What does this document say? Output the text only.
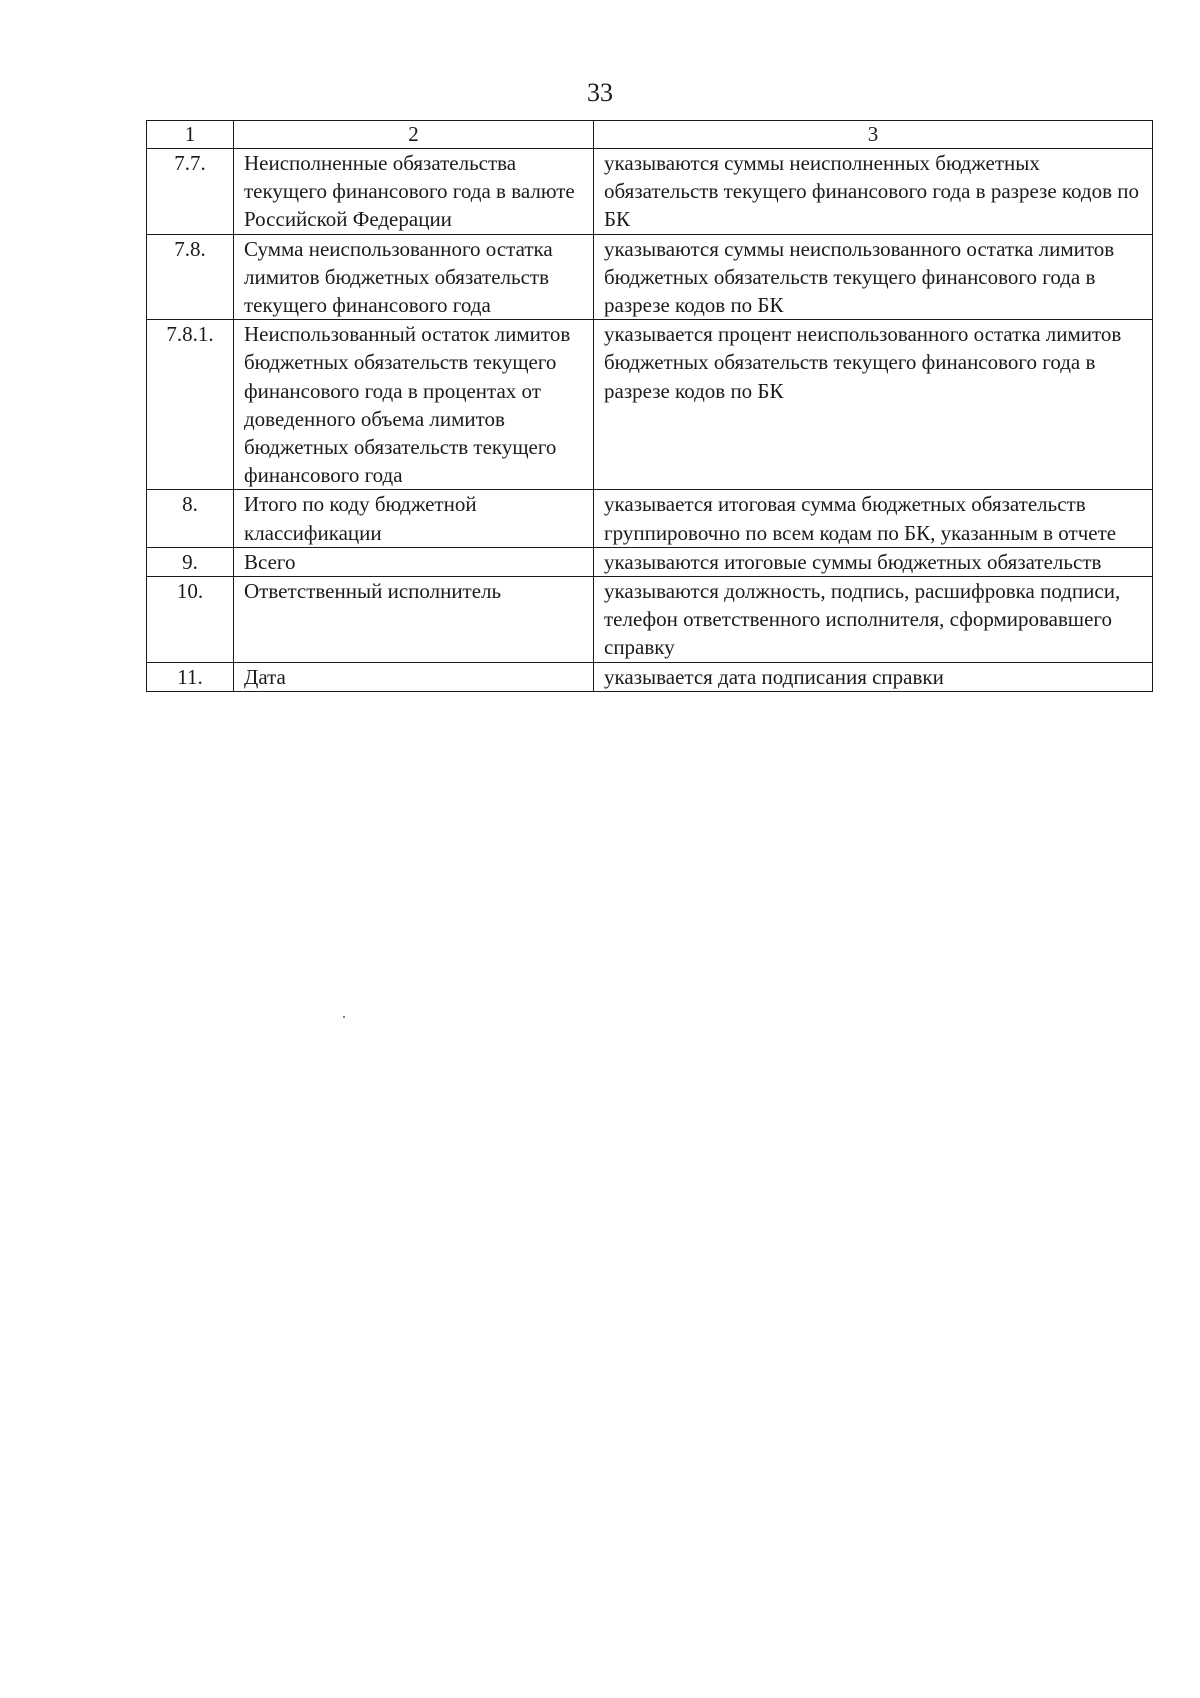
33
1	2	3
7.7.	Неисполненные обязательства текущего финансового года в валюте Российской Федерации	указываются суммы неисполненных бюджетных обязательств текущего финансового года в разрезе кодов по БК
7.8.	Сумма неиспользованного остатка лимитов бюджетных обязательств текущего финансового года	указываются суммы неиспользованного остатка лимитов бюджетных обязательств текущего финансового года в разрезе кодов по БК
7.8.1.	Неиспользованный остаток лимитов бюджетных обязательств текущего финансового года в процентах от доведенного объема лимитов бюджетных обязательств текущего финансового года	указывается процент неиспользованного остатка лимитов бюджетных обязательств текущего финансового года в разрезе кодов по БК
8.	Итого по коду бюджетной классификации	указывается итоговая сумма бюджетных обязательств группировочно по всем кодам по БК, указанным в отчете
9.	Всего	указываются итоговые суммы бюджетных обязательств
10.	Ответственный исполнитель	указываются должность, подпись, расшифровка подписи, телефон ответственного исполнителя, сформировавшего справку
11.	Дата	указывается дата подписания справки
